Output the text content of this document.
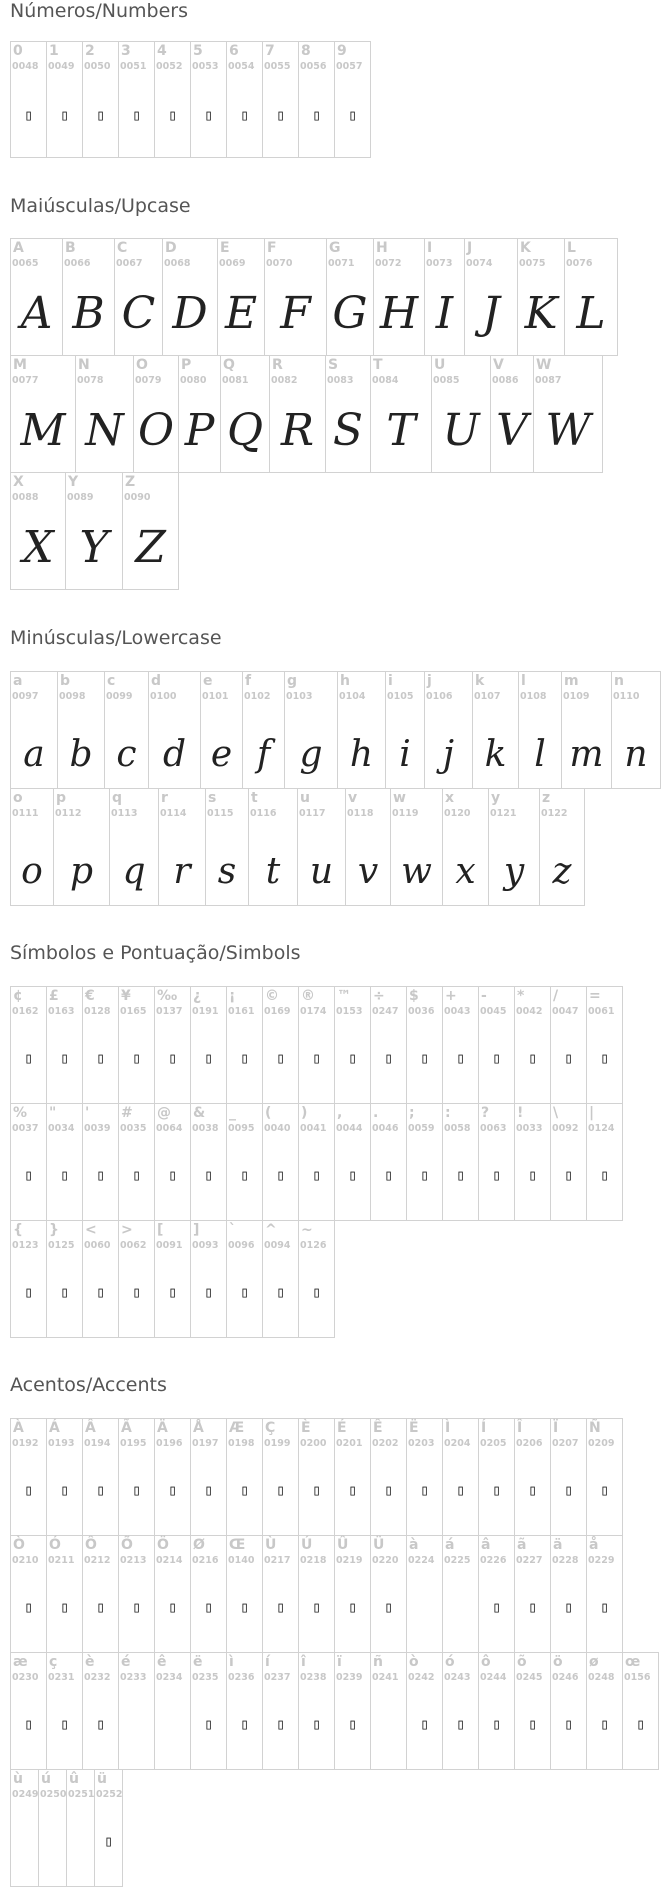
Números/Numbers
0
0048
▯
1
0049
▯
2
0050
▯
3
0051
▯
4
0052
▯
5
0053
▯
6
0054
▯
7
0055
▯
8
0056
▯
9
0057
▯
Maiúsculas/Upcase
A
0065
A
B
0066
B
C
0067
C
D
0068
D
E
0069
E
F
0070
F
G
0071
G
H
0072
H
I
0073
I
J
0074
J
K
0075
K
L
0076
L
M
0077
M
N
0078
N
O
0079
O
P
0080
P
Q
0081
Q
R
0082
R
S
0083
S
T
0084
T
U
0085
U
V
0086
V
W
0087
W
X
0088
X
Y
0089
Y
Z
0090
Z
Minúsculas/Lowercase
a
0097
a
b
0098
b
c
0099
c
d
0100
d
e
0101
e
f
0102
f
g
0103
g
h
0104
h
i
0105
i
j
0106
j
k
0107
k
l
0108
l
m
0109
m
n
0110
n
o
0111
o
p
0112
p
q
0113
q
r
0114
r
s
0115
s
t
0116
t
u
0117
u
v
0118
v
w
0119
w
x
0120
x
y
0121
y
z
0122
z
Símbolos e Pontuação/Simbols
¢
0162
▯
£
0163
▯
€
0128
▯
¥
0165
▯
‰
0137
▯
¿
0191
▯
¡
0161
▯
©
0169
▯
®
0174
▯
™
0153
▯
÷
0247
▯
$
0036
▯
+
0043
▯
-
0045
▯
*
0042
▯
/
0047
▯
=
0061
▯
%
0037
▯
"
0034
▯
'
0039
▯
#
0035
▯
@
0064
▯
&
0038
▯
_
0095
▯
(
0040
▯
)
0041
▯
,
0044
▯
.
0046
▯
;
0059
▯
:
0058
▯
?
0063
▯
!
0033
▯
\
0092
▯
|
0124
▯
{
0123
▯
}
0125
▯
<
0060
▯
>
0062
▯
[
0091
▯
]
0093
▯
`
0096
▯
^
0094
▯
~
0126
▯
Acentos/Accents
À
0192
▯
Á
0193
▯
Â
0194
▯
Ã
0195
▯
Ä
0196
▯
Å
0197
▯
Æ
0198
▯
Ç
0199
▯
È
0200
▯
É
0201
▯
Ê
0202
▯
Ë
0203
▯
Ì
0204
▯
Í
0205
▯
Î
0206
▯
Ï
0207
▯
Ñ
0209
▯
Ò
0210
▯
Ó
0211
▯
Ô
0212
▯
Õ
0213
▯
Ö
0214
▯
Ø
0216
▯
Œ
0140
▯
Ù
0217
▯
Ú
0218
▯
Û
0219
▯
Ü
0220
▯
à
0224
á
0225
â
0226
▯
ã
0227
▯
ä
0228
▯
å
0229
▯
æ
0230
▯
ç
0231
▯
è
0232
▯
é
0233
ê
0234
ë
0235
▯
ì
0236
▯
í
0237
▯
î
0238
▯
ï
0239
▯
ñ
0241
ò
0242
▯
ó
0243
▯
ô
0244
▯
õ
0245
▯
ö
0246
▯
ø
0248
▯
œ
0156
▯
ù
0249
ú
0250
û
0251
ü
0252
▯
